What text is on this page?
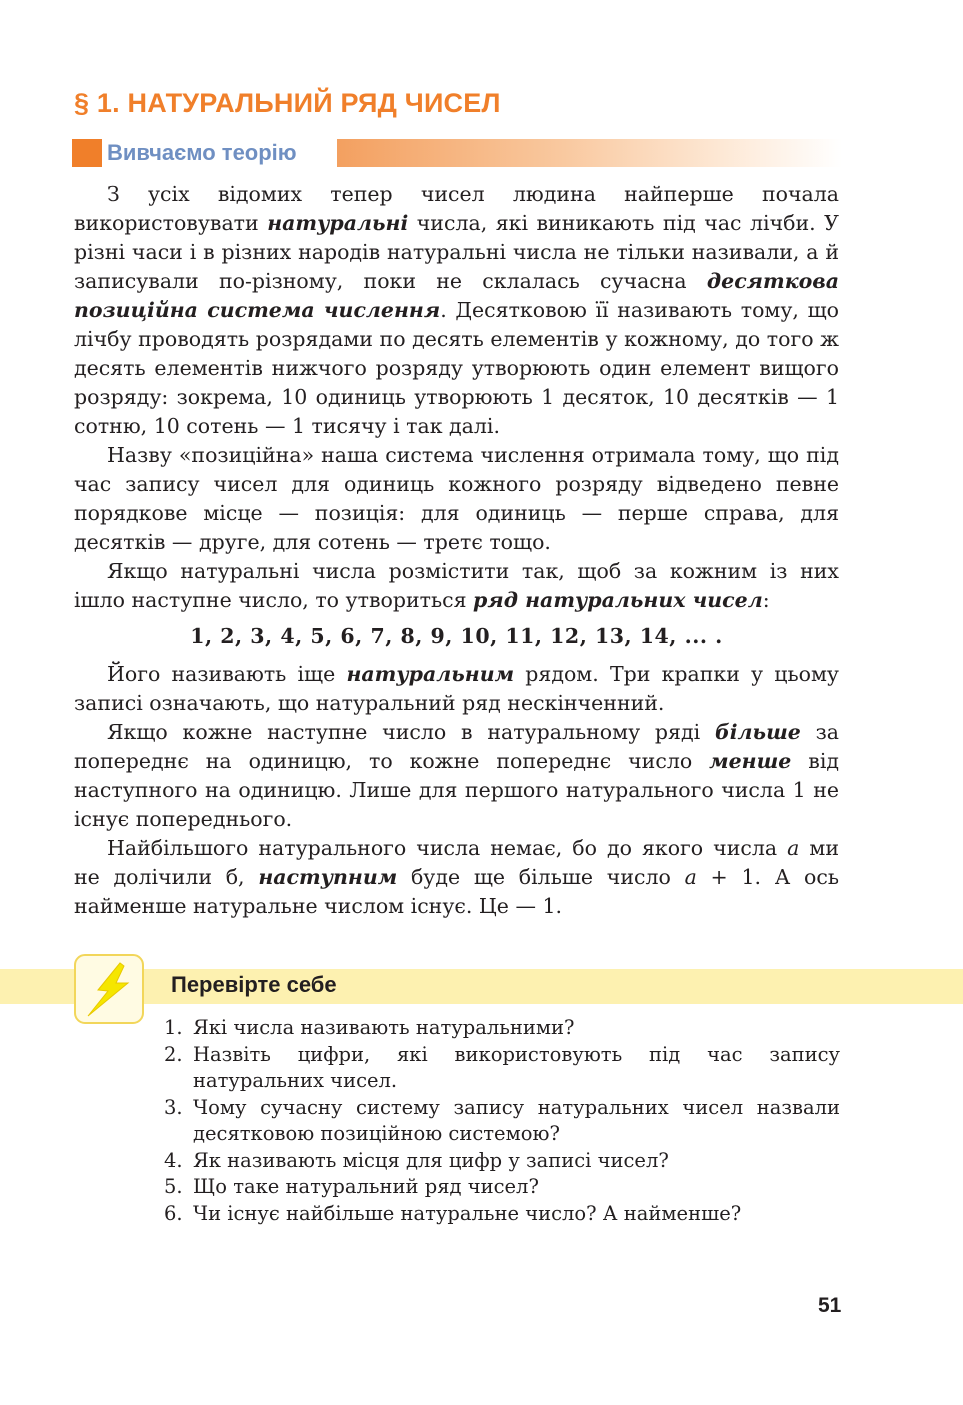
§ 1. НАТУРАЛЬНИЙ РЯД ЧИСЕЛ
Вивчаємо теорію

З усіх відомих тепер чисел людина найперше почала використовувати натуральні числа, які виникають під час лічби. У різні часи і в різних народів натуральні числа не тільки називали, а й записували по-різному, поки не склалась сучасна десяткова позиційна система числення. Десятковою її називають тому, що лічбу проводять розрядами по десять елементів у кожному, до того ж десять елементів нижчого розряду утворюють один елемент вищого розряду: зокрема, 10 одиниць утворюють 1 десяток, 10 десятків — 1 сотню, 10 сотень — 1 тисячу і так далі.

Назву «позиційна» наша система числення отримала тому, що під час запису чисел для одиниць кожного розряду відведено певне порядкове місце — позиція: для одиниць — перше справа, для десятків — друге, для сотень — третє тощо.

Якщо натуральні числа розмістити так, щоб за кожним із них ішло наступне число, то утвориться ряд натуральних чисел:

1, 2, 3, 4, 5, 6, 7, 8, 9, 10, 11, 12, 13, 14, ... .

Його називають іще натуральним рядом. Три крапки у цьому записі означають, що натуральний ряд нескінченний.

Якщо кожне наступне число в натуральному ряді більше за попереднє на одиницю, то кожне попереднє число менше від наступного на одиницю. Лише для першого натурального числа 1 не існує попереднього.

Найбільшого натурального числа немає, бо до якого числа a ми не долічили б, наступним буде ще більше число a + 1. А ось найменше натуральне числом існує. Це — 1.

Перевірте себе
1. Які числа називають натуральними?
2. Назвіть цифри, які використовують під час запису натуральних чисел.
3. Чому сучасну систему запису натуральних чисел назвали десятковою позиційною системою?
4. Як називають місця для цифр у записі чисел?
5. Що таке натуральний ряд чисел?
6. Чи існує найбільше натуральне число? А найменше?
51
